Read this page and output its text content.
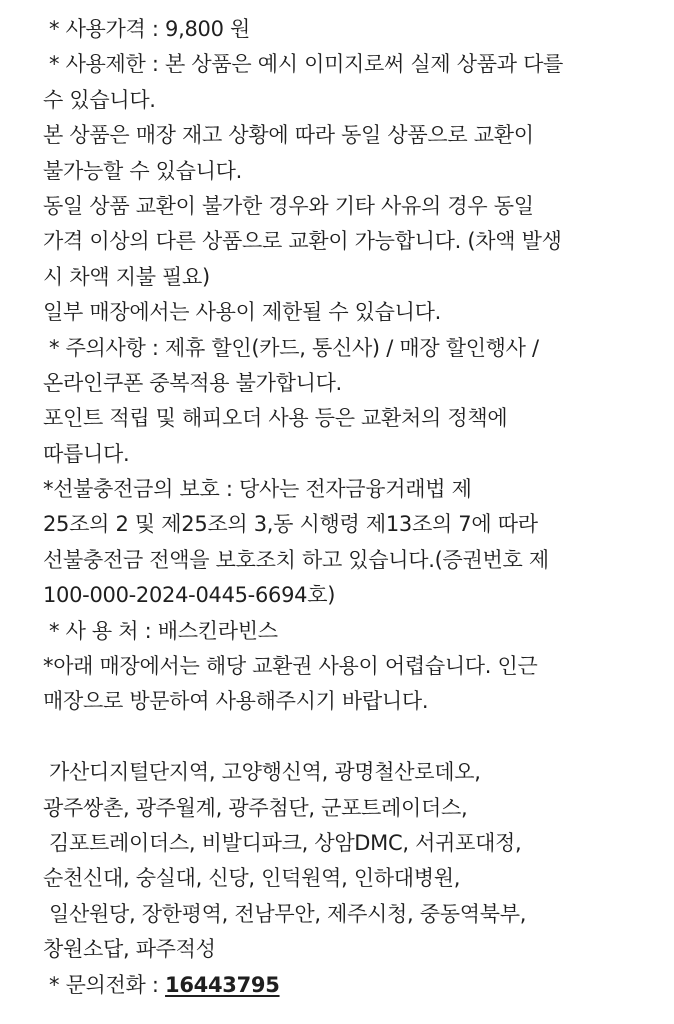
* 사용가격 : 9,800 원
* 사용제한 : 본 상품은 예시 이미지로써 실제 상품과 다를
수 있습니다.
본 상품은 매장 재고 상황에 따라 동일 상품으로 교환이
불가능할 수 있습니다.
동일 상품 교환이 불가한 경우와 기타 사유의 경우 동일
가격 이상의 다른 상품으로 교환이 가능합니다. (차액 발생
시 차액 지불 필요)
일부 매장에서는 사용이 제한될 수 있습니다.
* 주의사항 : 제휴 할인(카드, 통신사) / 매장 할인행사 /
온라인쿠폰 중복적용 불가합니다.
포인트 적립 및 해피오더 사용 등은 교환처의 정책에
따릅니다.
*선불충전금의 보호 : 당사는 전자금융거래법 제
25조의 2 및 제25조의 3,동 시행령 제13조의 7에 따라
선불충전금 전액을 보호조치 하고 있습니다.(증권번호 제
100-000-2024-0445-6694호)
* 사 용 처 : 배스킨라빈스
*아래 매장에서는 해당 교환권 사용이 어렵습니다. 인근
매장으로 방문하여 사용해주시기 바랍니다.
가산디지털단지역, 고양행신역, 광명철산로데오,
광주쌍촌, 광주월계, 광주첨단, 군포트레이더스,
김포트레이더스, 비발디파크, 상암DMC, 서귀포대정,
순천신대, 숭실대, 신당, 인덕원역, 인하대병원,
일산원당, 장한평역, 전남무안, 제주시청, 중동역북부,
창원소답, 파주적성
* 문의전화 : 16443795
